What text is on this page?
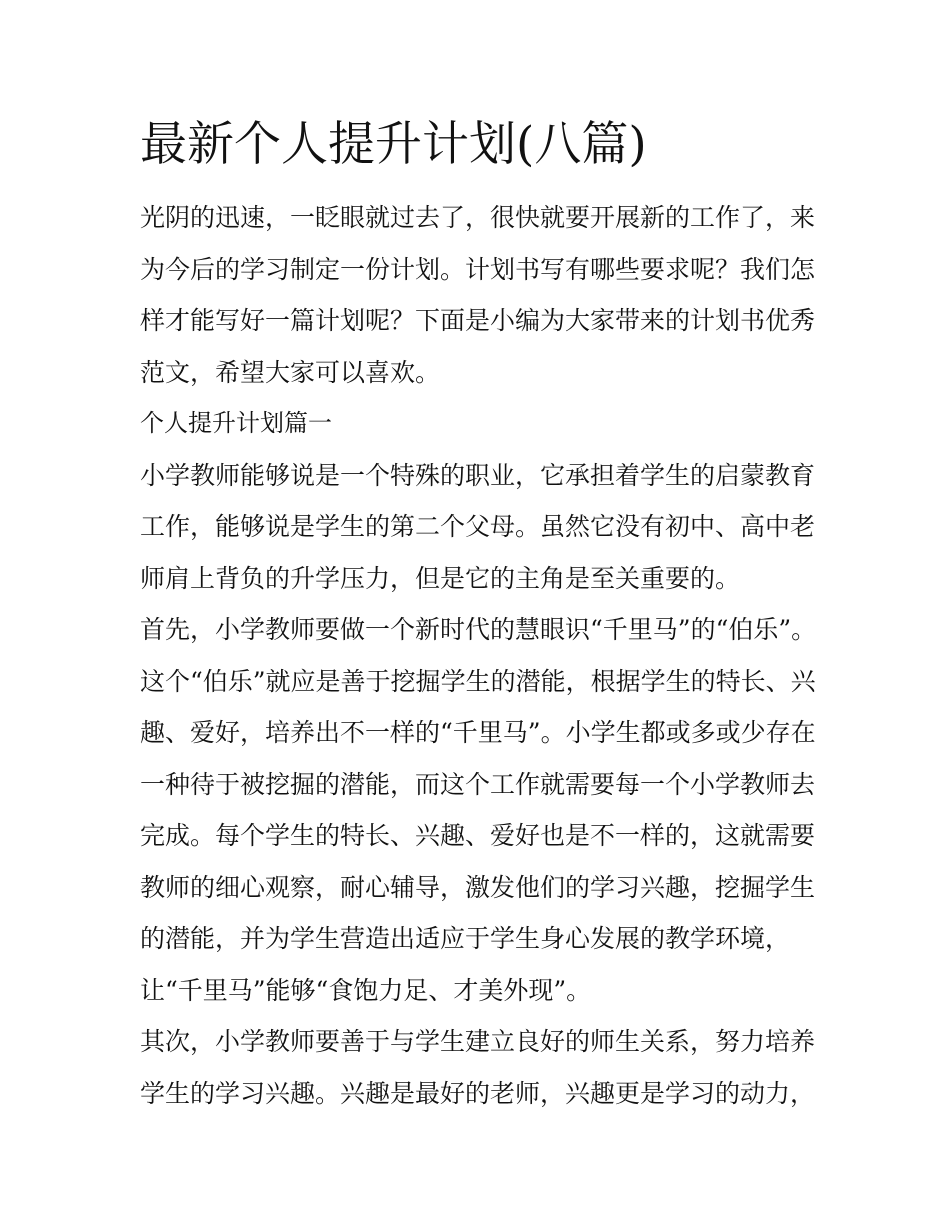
最新个人提升计划(八篇)

光阴的迅速，一眨眼就过去了，很快就要开展新的工作了，来

为今后的学习制定一份计划。计划书写有哪些要求呢？我们怎

样才能写好一篇计划呢？下面是小编为大家带来的计划书优秀

范文，希望大家可以喜欢。

个人提升计划篇一

小学教师能够说是一个特殊的职业，它承担着学生的启蒙教育

工作，能够说是学生的第二个父母。虽然它没有初中、高中老

师肩上背负的升学压力，但是它的主角是至关重要的。

首先，小学教师要做一个新时代的慧眼识“千里马”的“伯乐”。

这个“伯乐”就应是善于挖掘学生的潜能，根据学生的特长、兴

趣、爱好，培养出不一样的“千里马”。小学生都或多或少存在

一种待于被挖掘的潜能，而这个工作就需要每一个小学教师去

完成。每个学生的特长、兴趣、爱好也是不一样的，这就需要

教师的细心观察，耐心辅导，激发他们的学习兴趣，挖掘学生

的潜能，并为学生营造出适应于学生身心发展的教学环境，

让“千里马”能够“食饱力足、才美外现”。

其次，小学教师要善于与学生建立良好的师生关系，努力培养

学生的学习兴趣。兴趣是最好的老师，兴趣更是学习的动力，
